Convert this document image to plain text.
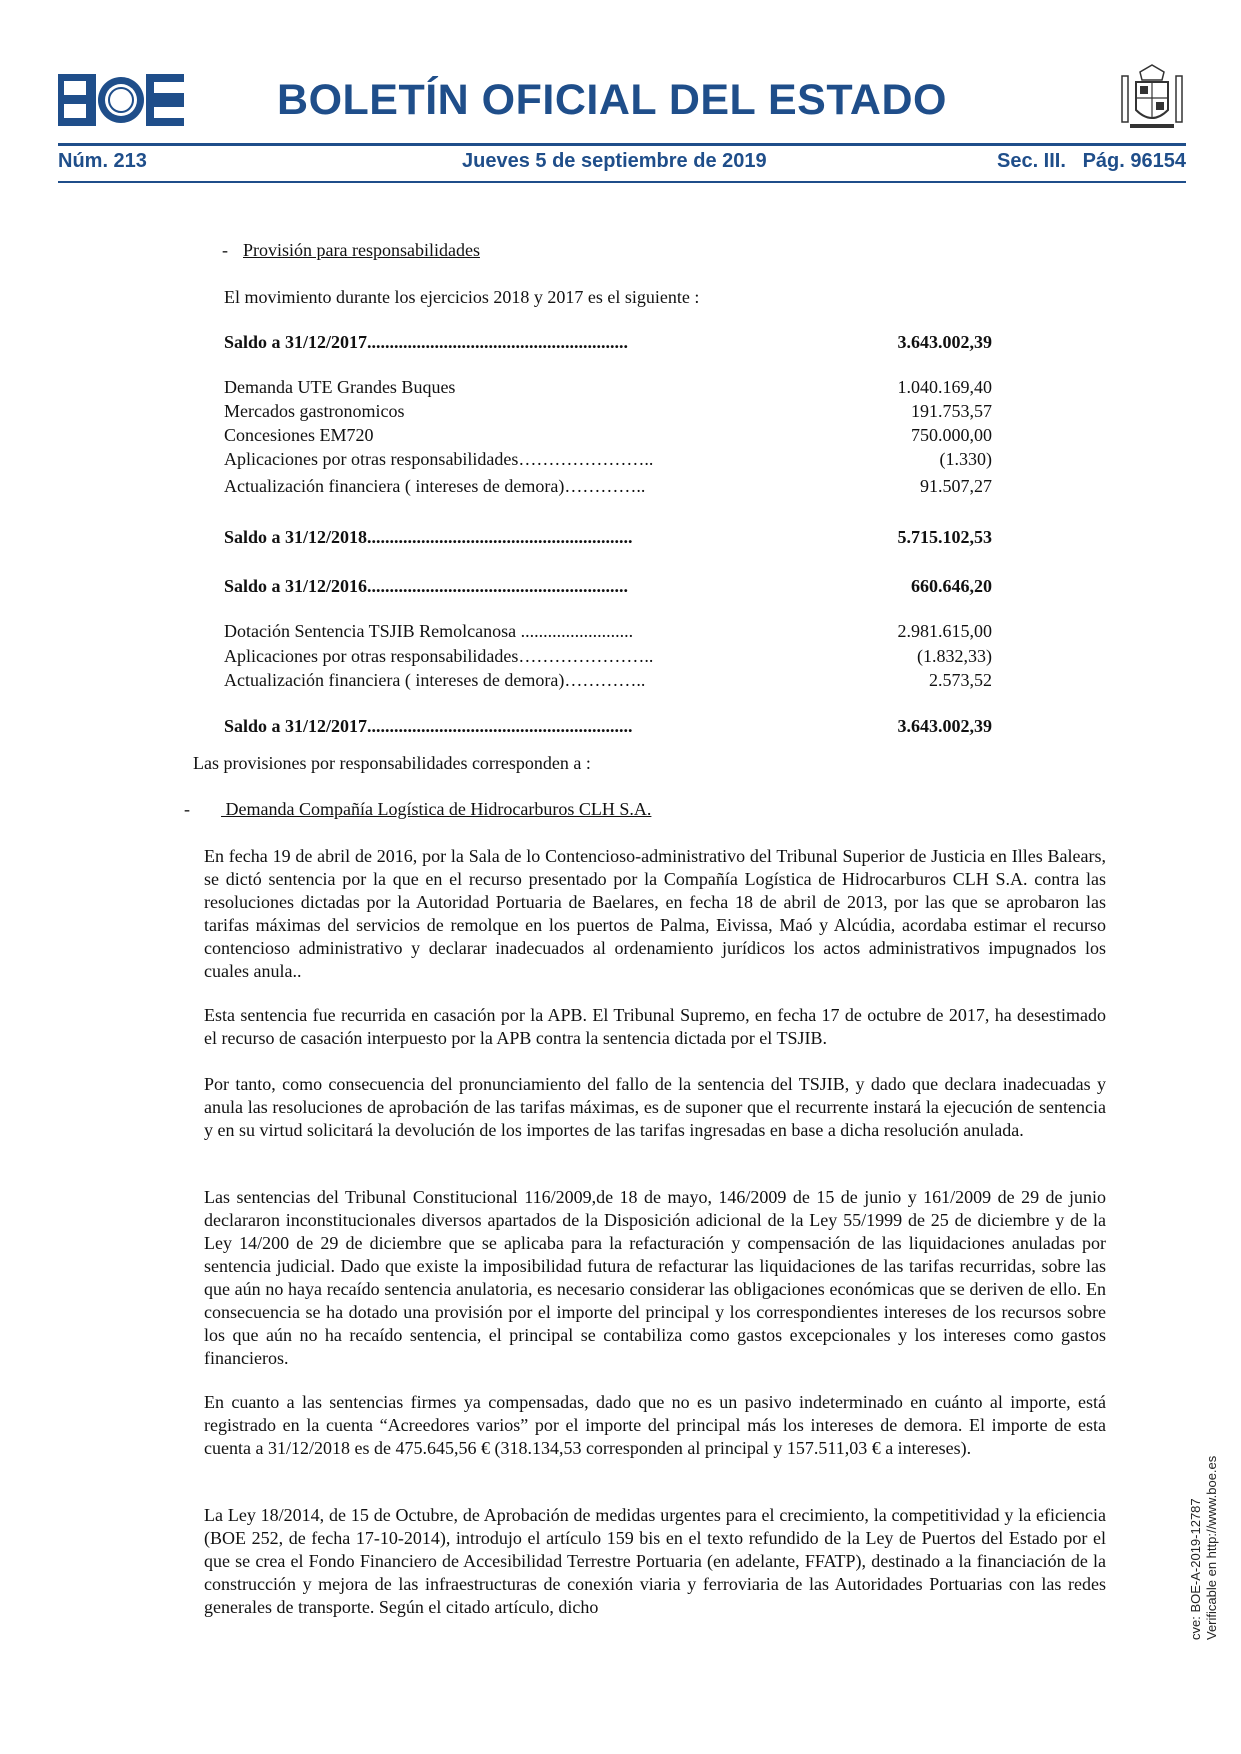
BOLETÍN OFICIAL DEL ESTADO
Núm. 213	Jueves 5 de septiembre de 2019	Sec. III.   Pág. 96154
- Provisión para responsabilidades
El movimiento durante los ejercicios 2018 y 2017 es el siguiente :
Saldo a 31/12/2017..........................................................	3.643.002,39
Demanda UTE Grandes Buques	1.040.169,40
Mercados gastronomicos	191.753,57
Concesiones EM720	750.000,00
Aplicaciones por otras responsabilidades…………………..	(1.330)
Actualización financiera ( intereses de demora)…………..	91.507,27
Saldo a 31/12/2018...........................................................	5.715.102,53
Saldo a 31/12/2016..........................................................	660.646,20
Dotación Sentencia TSJIB Remolcanosa .........................	2.981.615,00
Aplicaciones por otras responsabilidades…………………..	(1.832,33)
Actualización financiera ( intereses de demora)…………..	2.573,52
Saldo a 31/12/2017...........................................................	3.643.002,39
Las provisiones por responsabilidades corresponden a :
- Demanda Compañía Logística de Hidrocarburos CLH S.A.

En fecha 19 de abril de 2016, por la Sala de lo Contencioso-administrativo del Tribunal Superior de Justicia en Illes Balears, se dictó sentencia por la que en el recurso presentado por la Compañía Logística de Hidrocarburos CLH S.A. contra las resoluciones dictadas por la Autoridad Portuaria de Baelares, en fecha 18 de abril de 2013, por las que se aprobaron las tarifas máximas del servicios de remolque en los puertos de Palma, Eivissa, Maó y Alcúdia, acordaba estimar el recurso contencioso administrativo y declarar inadecuados al ordenamiento jurídicos los actos administrativos impugnados los cuales anula..

Esta sentencia fue recurrida en casación por la APB. El Tribunal Supremo, en fecha 17 de octubre de 2017, ha desestimado el recurso de casación interpuesto por la APB contra la sentencia dictada por el TSJIB.

Por tanto, como consecuencia del pronunciamiento del fallo de la sentencia del TSJIB, y dado que declara inadecuadas y anula las resoluciones de aprobación de las tarifas máximas, es de suponer que el recurrente instará la ejecución de sentencia y en su virtud solicitará la devolución de los importes de las tarifas ingresadas en base a dicha resolución anulada.

Las sentencias del Tribunal Constitucional 116/2009,de 18 de mayo, 146/2009 de 15 de junio y 161/2009 de 29 de junio declararon inconstitucionales diversos apartados de la Disposición adicional de la Ley 55/1999 de 25 de diciembre y de la Ley 14/200 de 29 de diciembre que se aplicaba para la refacturación y compensación de las liquidaciones anuladas por sentencia judicial. Dado que existe la imposibilidad futura de refacturar las liquidaciones de las tarifas recurridas, sobre las que aún no haya recaído sentencia anulatoria, es necesario considerar las obligaciones económicas que se deriven de ello. En consecuencia se ha dotado una provisión por el importe del principal y los correspondientes intereses de los recursos sobre los que aún no ha recaído sentencia, el principal se contabiliza como gastos excepcionales y los intereses como gastos financieros.

En cuanto a las sentencias firmes ya compensadas, dado que no es un pasivo indeterminado en cuánto al importe, está registrado en la cuenta “Acreedores varios” por el importe del principal más los intereses de demora. El importe de esta cuenta a 31/12/2018 es de 475.645,56 € (318.134,53 corresponden al principal y 157.511,03 € a intereses).

La Ley 18/2014, de 15 de Octubre, de Aprobación de medidas urgentes para el crecimiento, la competitividad y la eficiencia (BOE 252, de fecha 17-10-2014), introdujo el artículo 159 bis en el texto refundido de la Ley de Puertos del Estado por el que se crea el Fondo Financiero de Accesibilidad Terrestre Portuaria (en adelante, FFATP), destinado a la financiación de la construcción y mejora de las infraestructuras de conexión viaria y ferroviaria de las Autoridades Portuarias con las redes generales de transporte. Según el citado artículo, dicho	cve: BOE-A-2019-12787 Verificable en http://www.boe.es
